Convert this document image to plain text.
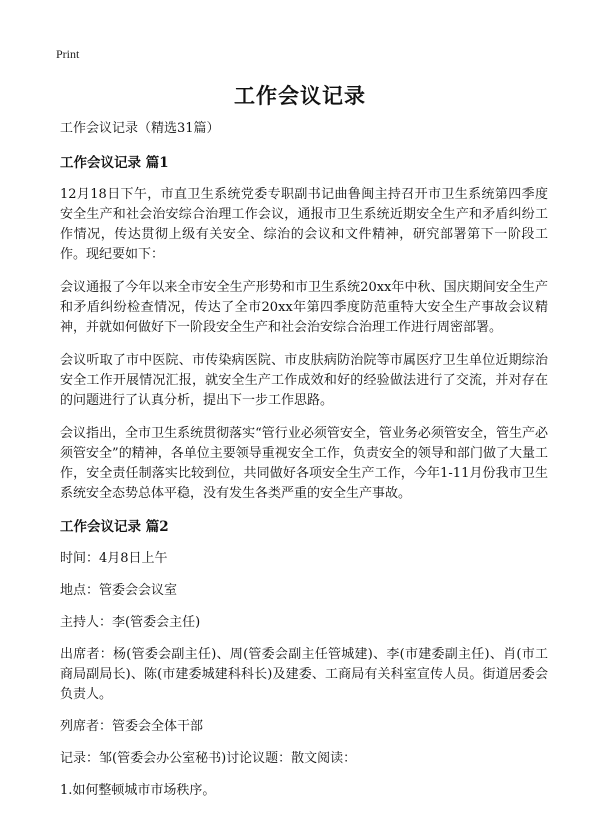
Print
工作会议记录

工作会议记录（精选31篇）

工作会议记录 篇1

12月18日下午，市直卫生系统党委专职副书记曲鲁闽主持召开市卫生系统第四季度安全生产和社会治安综合治理工作会议，通报市卫生系统近期安全生产和矛盾纠纷工作情况，传达贯彻上级有关安全、综治的会议和文件精神，研究部署第下一阶段工作。现纪要如下：

会议通报了今年以来全市安全生产形势和市卫生系统20xx年中秋、国庆期间安全生产和矛盾纠纷检查情况，传达了全市20xx年第四季度防范重特大安全生产事故会议精神，并就如何做好下一阶段安全生产和社会治安综合治理工作进行周密部署。

会议听取了市中医院、市传染病医院、市皮肤病防治院等市属医疗卫生单位近期综治安全工作开展情况汇报，就安全生产工作成效和好的经验做法进行了交流，并对存在的问题进行了认真分析，提出下一步工作思路。

会议指出，全市卫生系统贯彻落实“管行业必须管安全，管业务必须管安全，管生产必须管安全”的精神，各单位主要领导重视安全工作，负责安全的领导和部门做了大量工作，安全责任制落实比较到位，共同做好各项安全生产工作，今年1-11月份我市卫生系统安全态势总体平稳，没有发生各类严重的安全生产事故。

工作会议记录 篇2

时间：4月8日上午

地点：管委会会议室

主持人：李(管委会主任)

出席者：杨(管委会副主任)、周(管委会副主任管城建)、李(市建委副主任)、肖(市工商局副局长)、陈(市建委城建科科长)及建委、工商局有关科室宣传人员。街道居委会负责人。

列席者：管委会全体干部

记录：邹(管委会办公室秘书)讨论议题：散文阅读：

1.如何整顿城市市场秩序。
